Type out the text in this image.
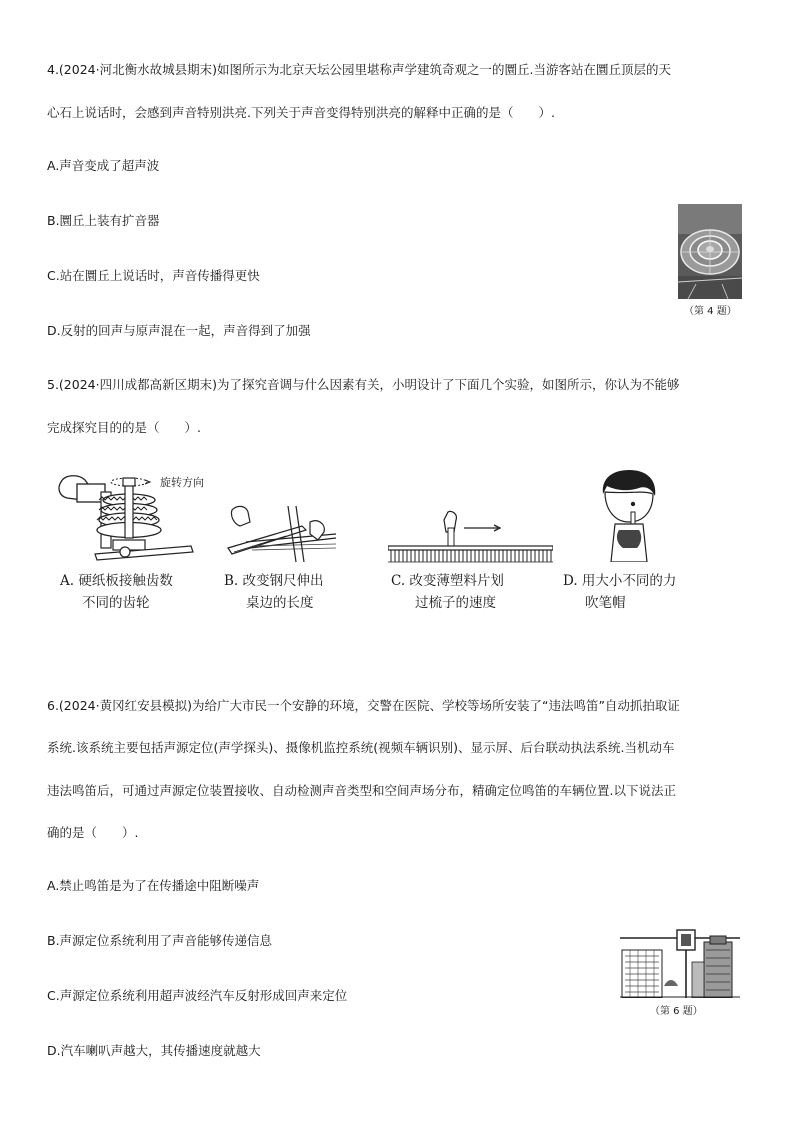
4.(2024·河北衡水故城县期末)如图所示为北京天坛公园里堪称声学建筑奇观之一的圜丘.当游客站在圜丘顶层的天
心石上说话时，会感到声音特别洪亮.下列关于声音变得特别洪亮的解释中正确的是（　　）.
A.声音变成了超声波
B.圜丘上装有扩音器
C.站在圜丘上说话时，声音传播得更快
D.反射的回声与原声混在一起，声音得到了加强
（第 4 题）
5.(2024·四川成都高新区期末)为了探究音调与什么因素有关，小明设计了下面几个实验，如图所示，你认为不能够
完成探究目的的是（　　）.
旋转方向
A. 硬纸板接触齿数
不同的齿轮
B. 改变钢尺伸出
桌边的长度
C. 改变薄塑料片划
过梳子的速度
D. 用大小不同的力
吹笔帽
6.(2024·黄冈红安县模拟)为给广大市民一个安静的环境，交警在医院、学校等场所安装了“违法鸣笛”自动抓拍取证
系统.该系统主要包括声源定位(声学探头)、摄像机监控系统(视频车辆识别)、显示屏、后台联动执法系统.当机动车
违法鸣笛后，可通过声源定位装置接收、自动检测声音类型和空间声场分布，精确定位鸣笛的车辆位置.以下说法正
确的是（　　）.
A.禁止鸣笛是为了在传播途中阻断噪声
B.声源定位系统利用了声音能够传递信息
C.声源定位系统利用超声波经汽车反射形成回声来定位
D.汽车喇叭声越大，其传播速度就越大
（第 6 题）
